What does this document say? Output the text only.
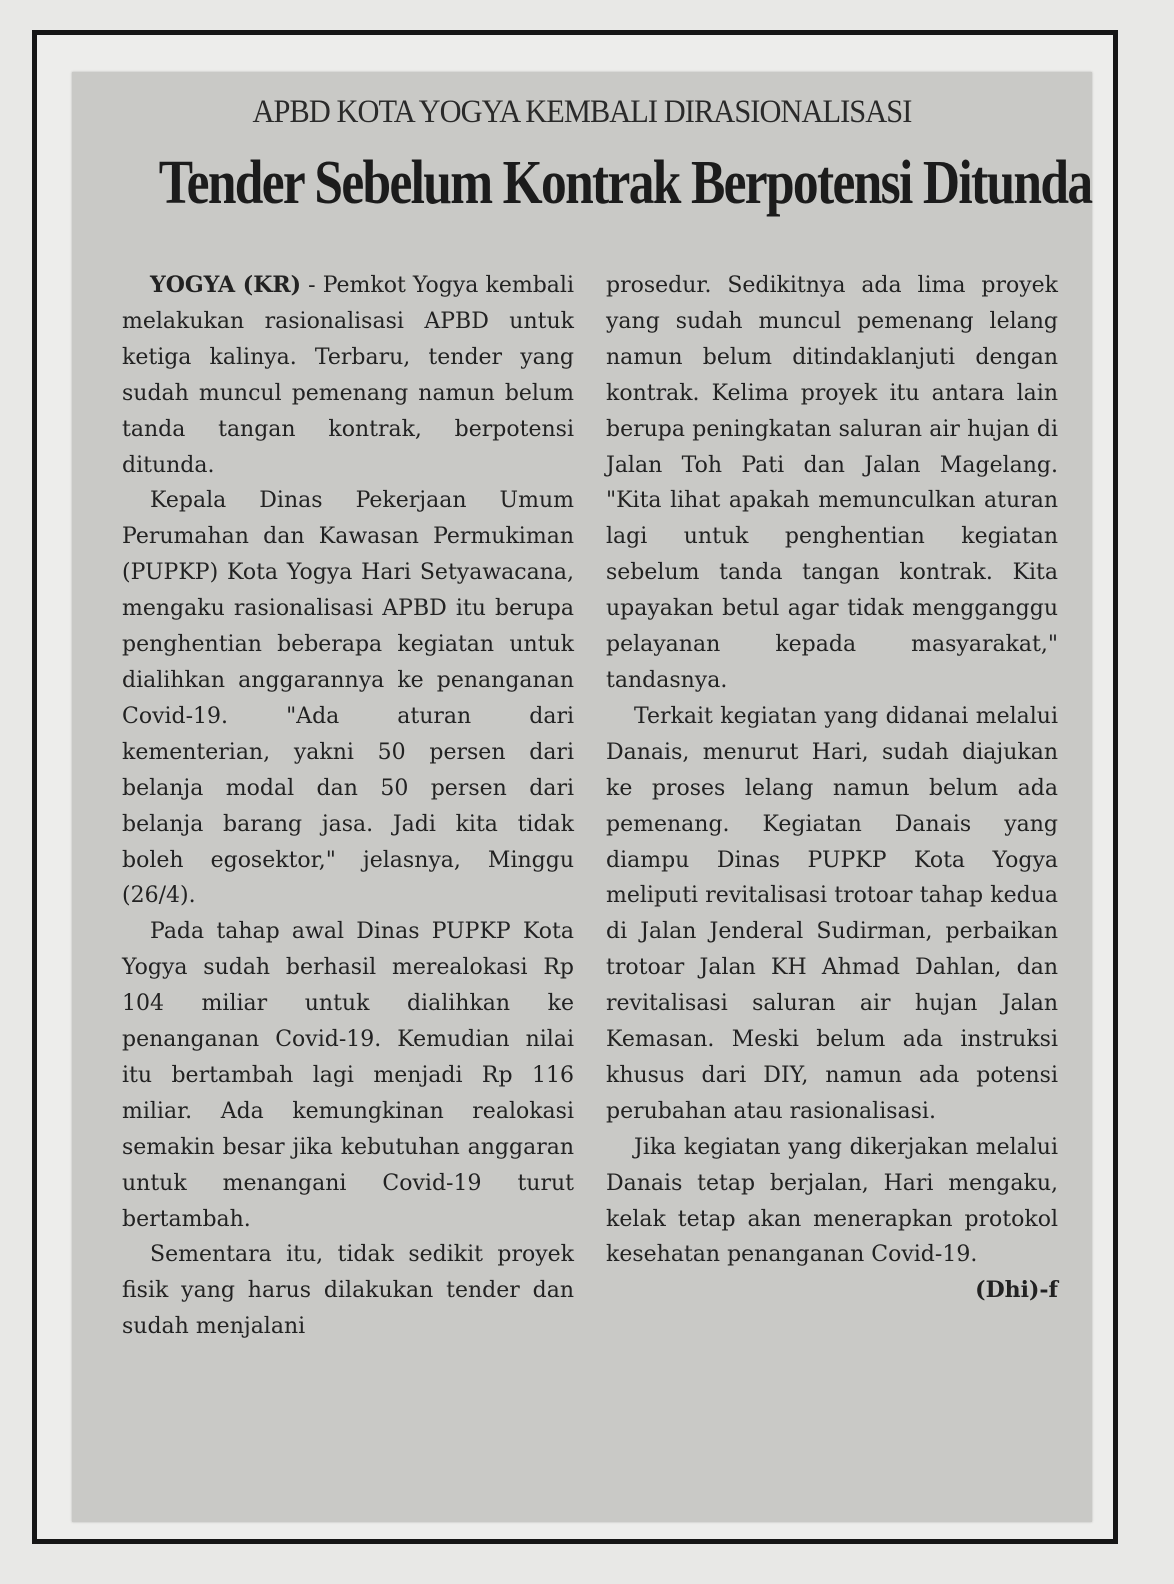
APBD KOTA YOGYA KEMBALI DIRASIONALISASI
Tender Sebelum Kontrak Berpotensi Ditunda

YOGYA (KR) - Pemkot Yogya kembali melakukan rasionalisasi APBD untuk ketiga kalinya. Terbaru, tender yang sudah muncul pemenang namun belum tanda tangan kontrak, berpotensi ditunda.

Kepala Dinas Pekerjaan Umum Perumahan dan Kawasan Permukiman (PUPKP) Kota Yogya Hari Setyawacana, mengaku rasionalisasi APBD itu berupa penghentian beberapa kegiatan untuk dialihkan anggarannya ke penanganan Covid-19. "Ada aturan dari kementerian, yakni 50 persen dari belanja modal dan 50 persen dari belanja barang jasa. Jadi kita tidak boleh egosektor," jelasnya, Minggu (26/4).

Pada tahap awal Dinas PUPKP Kota Yogya sudah berhasil merealokasi Rp 104 miliar untuk dialihkan ke penanganan Covid-19. Kemudian nilai itu bertambah lagi menjadi Rp 116 miliar. Ada kemungkinan realokasi semakin besar jika kebutuhan anggaran untuk menangani Covid-19 turut bertambah.

Sementara itu, tidak sedikit proyek fisik yang harus dilakukan tender dan sudah menjalani

prosedur. Sedikitnya ada lima proyek yang sudah muncul pemenang lelang namun belum ditindaklanjuti dengan kontrak. Kelima proyek itu antara lain berupa peningkatan saluran air hujan di Jalan Toh Pati dan Jalan Magelang. "Kita lihat apakah memunculkan aturan lagi untuk penghentian kegiatan sebelum tanda tangan kontrak. Kita upayakan betul agar tidak mengganggu pelayanan kepada masyarakat," tandasnya.

Terkait kegiatan yang didanai melalui Danais, menurut Hari, sudah diajukan ke proses lelang namun belum ada pemenang. Kegiatan Danais yang diampu Dinas PUPKP Kota Yogya meliputi revitalisasi trotoar tahap kedua di Jalan Jenderal Sudirman, perbaikan trotoar Jalan KH Ahmad Dahlan, dan revitalisasi saluran air hujan Jalan Kemasan. Meski belum ada instruksi khusus dari DIY, namun ada potensi perubahan atau rasionalisasi.

Jika kegiatan yang dikerjakan melalui Danais tetap berjalan, Hari mengaku, kelak tetap akan menerapkan protokol kesehatan penanganan Covid-19.
(Dhi)-f
